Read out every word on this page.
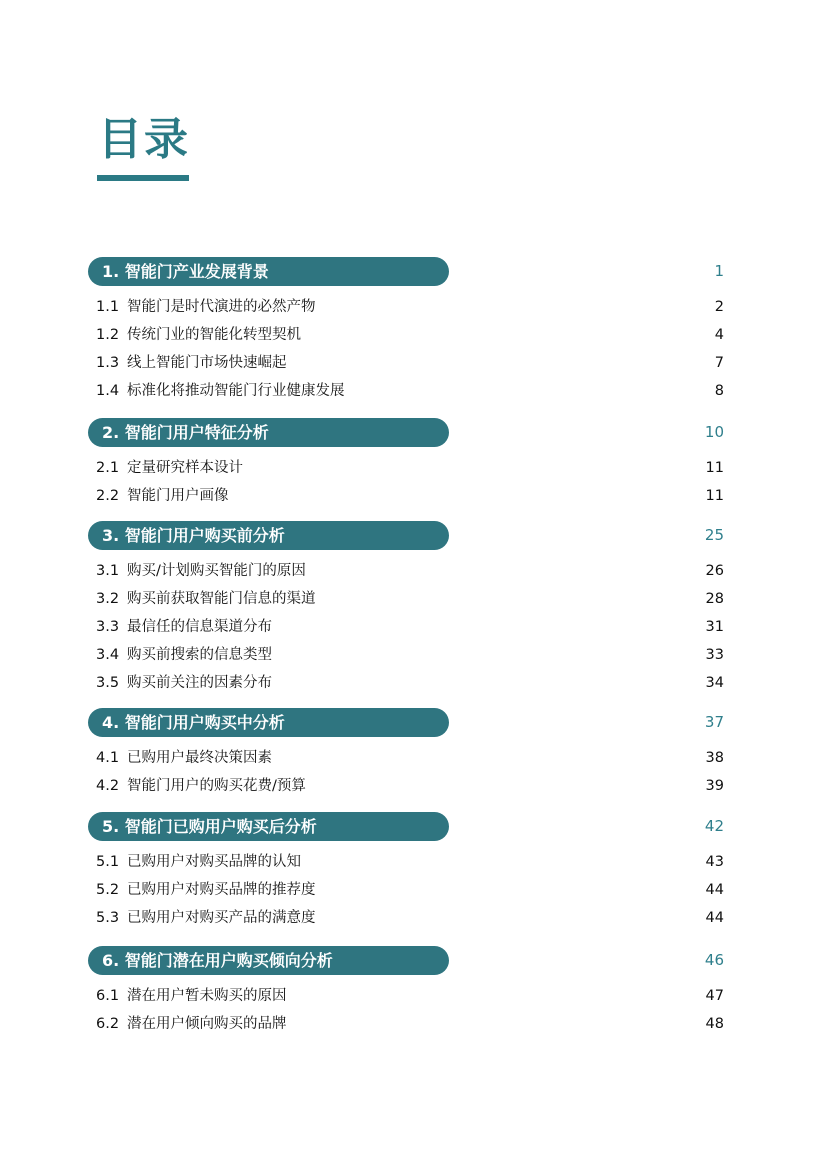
目录
1. 智能门产业发展背景	1
1.1 智能门是时代演进的必然产物	2
1.2 传统门业的智能化转型契机	4
1.3 线上智能门市场快速崛起	7
1.4 标准化将推动智能门行业健康发展	8
2. 智能门用户特征分析	10
2.1 定量研究样本设计	11
2.2 智能门用户画像	11
3. 智能门用户购买前分析	25
3.1 购买/计划购买智能门的原因	26
3.2 购买前获取智能门信息的渠道	28
3.3 最信任的信息渠道分布	31
3.4 购买前搜索的信息类型	33
3.5 购买前关注的因素分布	34
4. 智能门用户购买中分析	37
4.1 已购用户最终决策因素	38
4.2 智能门用户的购买花费/预算	39
5. 智能门已购用户购买后分析	42
5.1 已购用户对购买品牌的认知	43
5.2 已购用户对购买品牌的推荐度	44
5.3 已购用户对购买产品的满意度	44
6. 智能门潜在用户购买倾向分析	46
6.1 潜在用户暂未购买的原因	47
6.2 潜在用户倾向购买的品牌	48
